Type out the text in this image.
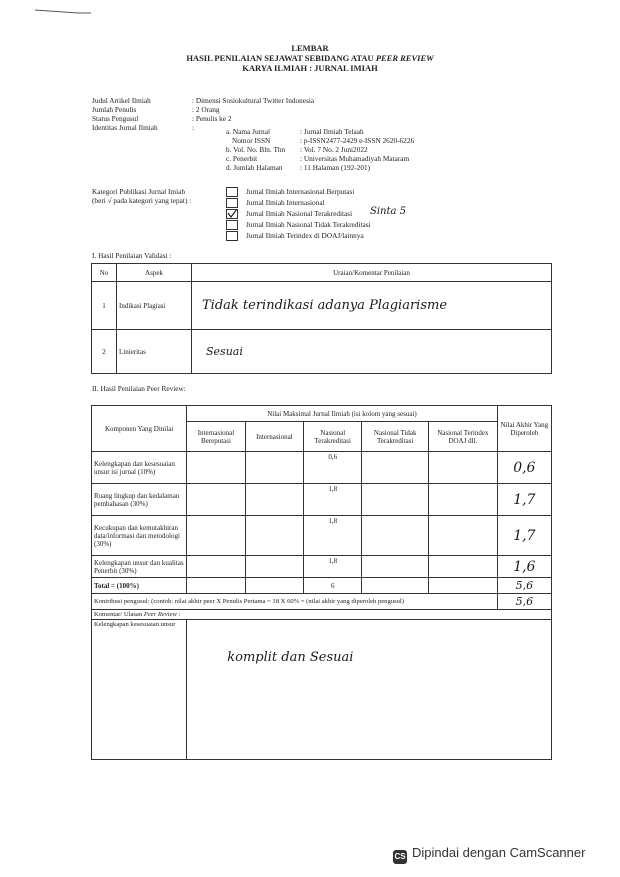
LEMBAR
HASIL PENILAIAN SEJAWAT SEBIDANG ATAU PEER REVIEW
KARYA ILMIAH : JURNAL IMIAH
Judul Artikel Ilmiah	: Dimensi Sosiokultural Twitter Indonesia
Jumlah Penulis	: 2 Orang
Status Pengusul	: Penulis ke 2
Identitas Jurnal Ilmiah	:	a. Nama Jurnal	: Jurnal Ilmiah Telaah
Nomor ISSN	: p-ISSN2477-2429 e-ISSN 2620-6226
b. Vol. No. Bln. Thn : Vol. 7 No. 2 Juni2022
c. Penerbit	: Universitas Muhamadiyah Mataram
d. Jumlah Halaman : 11 Halaman (192-201)
Kategori Publikasi Jurnal Imiah
(beri √ pada kategori yang tepat) :
Jurnal Ilmiah Internasional Berputasi
Jurnal Ilmiah Internasional
Jurnal Ilmiah Nasional Terakreditasi Sinta 5
Jurnal Ilmiah Nasional Tidak Terakreditasi
Jurnal Ilmiah Terindex di DOAJ/lainnya
I. Hasil Penilaian Validasi :
No	Aspek	Uraian/Komentar Penilaian
1	Indikasi Plagiasi	Tidak terindikasi adanya Plagiarisme
2	Linieritas	Sesuai
II. Hasil Penilaian Peer Review:
Komponen Yang Dinilai	Nilai Maksimal Jurnal Ilmiah (isi kolom yang sesuai)					Nilai Akhir Yang Diperoleh
	Internasional Bereputasi	Internasional	Nasional Terakreditasi	Nasional Tidak Terakreditasi	Nasional Terindex DOAJ dll.	
Kelengkapan dan kesesuaian unsur isi jurnal (10%)			0,6			0,6
Ruang lingkup dan kedalaman pembahasan (30%)			1,8			1,7
Kecukupan dan kemutakhiran data/informasi dan metodologi (30%)			1,8			1,7
Kelengkapan unsur dan kualitas Penerbit (30%)			1,8			1,6
Total = (100%)			6			5,6
Kontribusi pengusul: (contoh: nilai akhir peer X Penulis Pertama = 18 X 60% = (nilai akhir yang diperoleh pengusul)						5,6
Komentar/ Ulasan Peer Review :						
Kelengkapan kesesuaian unsur	komplit dan Sesuai					
CS Dipindai dengan CamScanner
